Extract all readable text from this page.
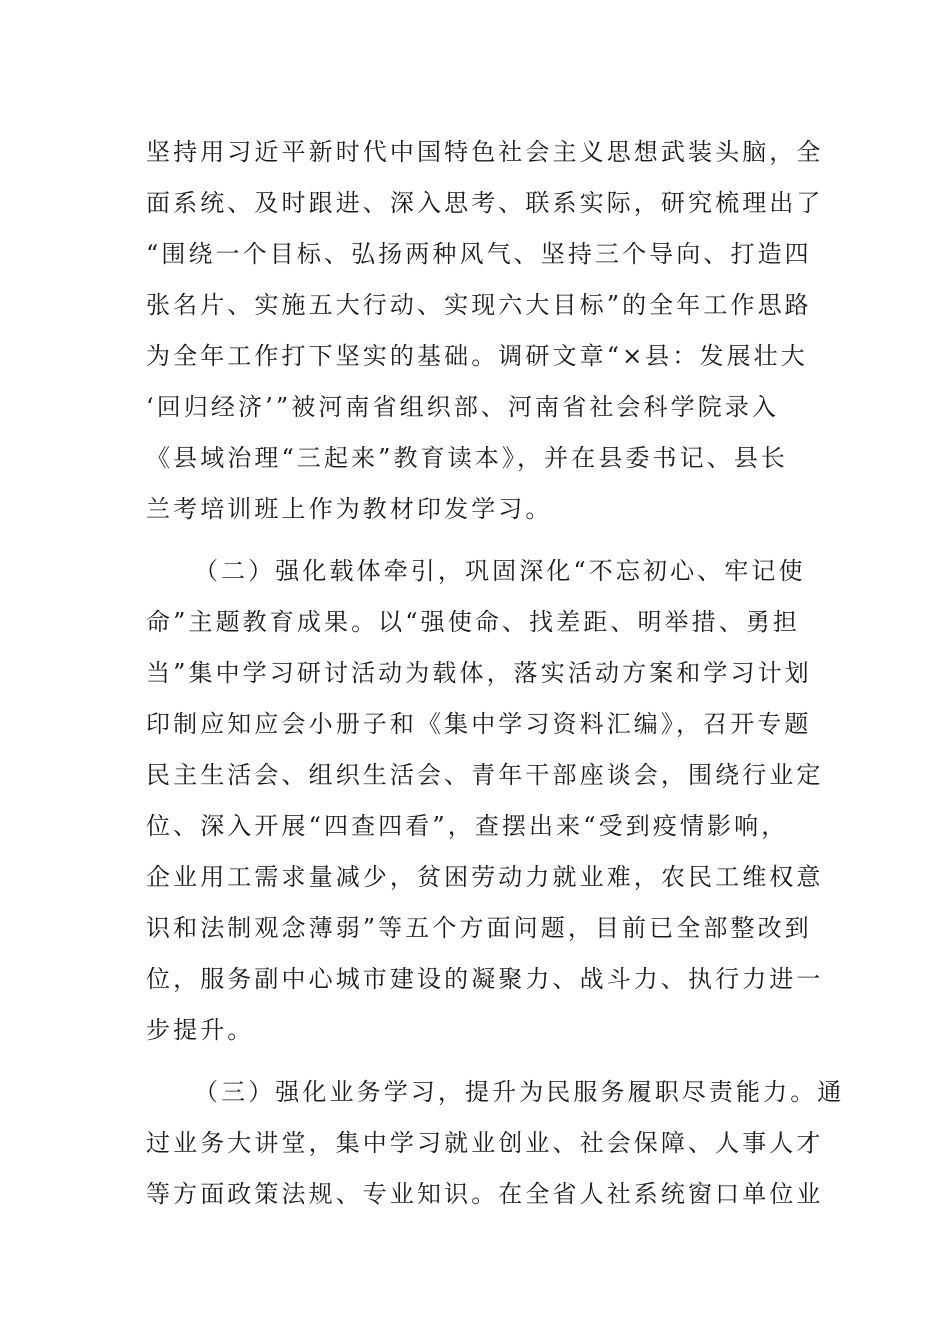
坚持用习近平新时代中国特色社会主义思想武装头脑，全
面系统、及时跟进、深入思考、联系实际，研究梳理出了
“围绕一个目标、弘扬两种风气、坚持三个导向、打造四
张名片、实施五大行动、实现六大目标”的全年工作思路
为全年工作打下坚实的基础。调研文章“×县：发展壮大
‘回归经济’”被河南省组织部、河南省社会科学院录入
《县域治理“三起来”教育读本》，并在县委书记、县长
兰考培训班上作为教材印发学习。

（二）强化载体牵引，巩固深化“不忘初心、牢记使
命”主题教育成果。以“强使命、找差距、明举措、勇担
当”集中学习研讨活动为载体，落实活动方案和学习计划
印制应知应会小册子和《集中学习资料汇编》，召开专题
民主生活会、组织生活会、青年干部座谈会，围绕行业定
位、深入开展“四查四看”，查摆出来“受到疫情影响，
企业用工需求量减少，贫困劳动力就业难，农民工维权意
识和法制观念薄弱”等五个方面问题，目前已全部整改到
位，服务副中心城市建设的凝聚力、战斗力、执行力进一
步提升。

（三）强化业务学习，提升为民服务履职尽责能力。通
过业务大讲堂，集中学习就业创业、社会保障、人事人才
等方面政策法规、专业知识。在全省人社系统窗口单位业
